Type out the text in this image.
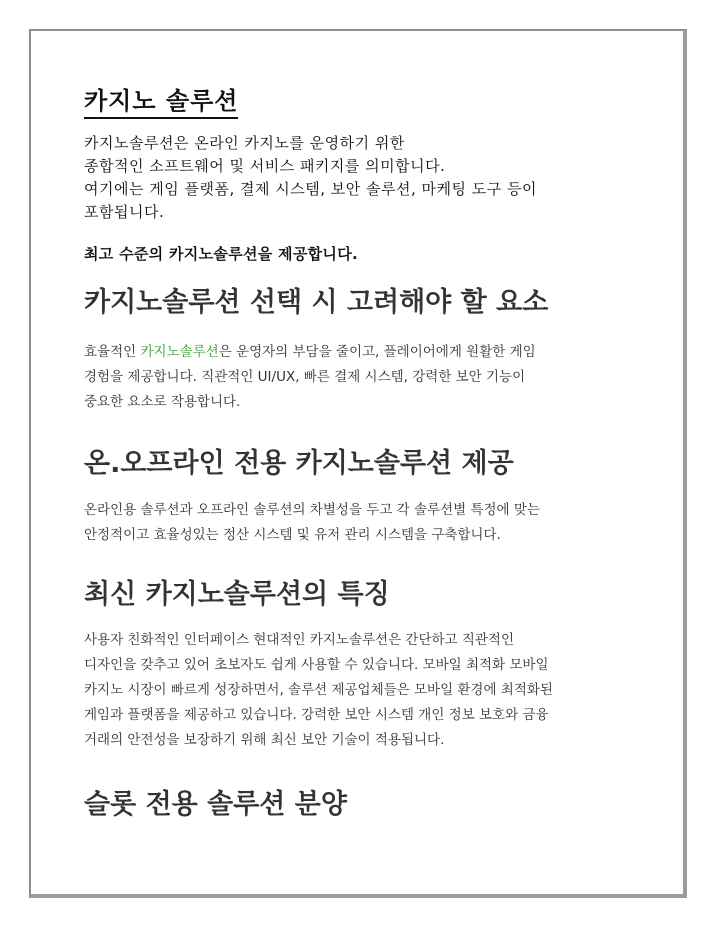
카지노 솔루션

카지노솔루션은 온라인 카지노를 운영하기 위한
종합적인 소프트웨어 및 서비스 패키지를 의미합니다.
여기에는 게임 플랫폼, 결제 시스템, 보안 솔루션, 마케팅 도구 등이
포함됩니다.

최고 수준의 카지노솔루션을 제공합니다.

카지노솔루션 선택 시 고려해야 할 요소

효율적인 카지노솔루션은 운영자의 부담을 줄이고, 플레이어에게 원활한 게임
경험을 제공합니다. 직관적인 UI/UX, 빠른 결제 시스템, 강력한 보안 기능이
중요한 요소로 작용합니다.

온.오프라인 전용 카지노솔루션 제공

온라인용 솔루션과 오프라인 솔루션의 차별성을 두고 각 솔루션별 특정에 맞는
안정적이고 효율성있는 정산 시스템 및 유저 관리 시스템을 구축합니다.

최신 카지노솔루션의 특징

사용자 친화적인 인터페이스 현대적인 카지노솔루션은 간단하고 직관적인
디자인을 갖추고 있어 초보자도 쉽게 사용할 수 있습니다. 모바일 최적화 모바일
카지노 시장이 빠르게 성장하면서, 솔루션 제공업체들은 모바일 환경에 최적화된
게임과 플랫폼을 제공하고 있습니다. 강력한 보안 시스템 개인 정보 보호와 금융
거래의 안전성을 보장하기 위해 최신 보안 기술이 적용됩니다.

슬롯 전용 솔루션 분양
